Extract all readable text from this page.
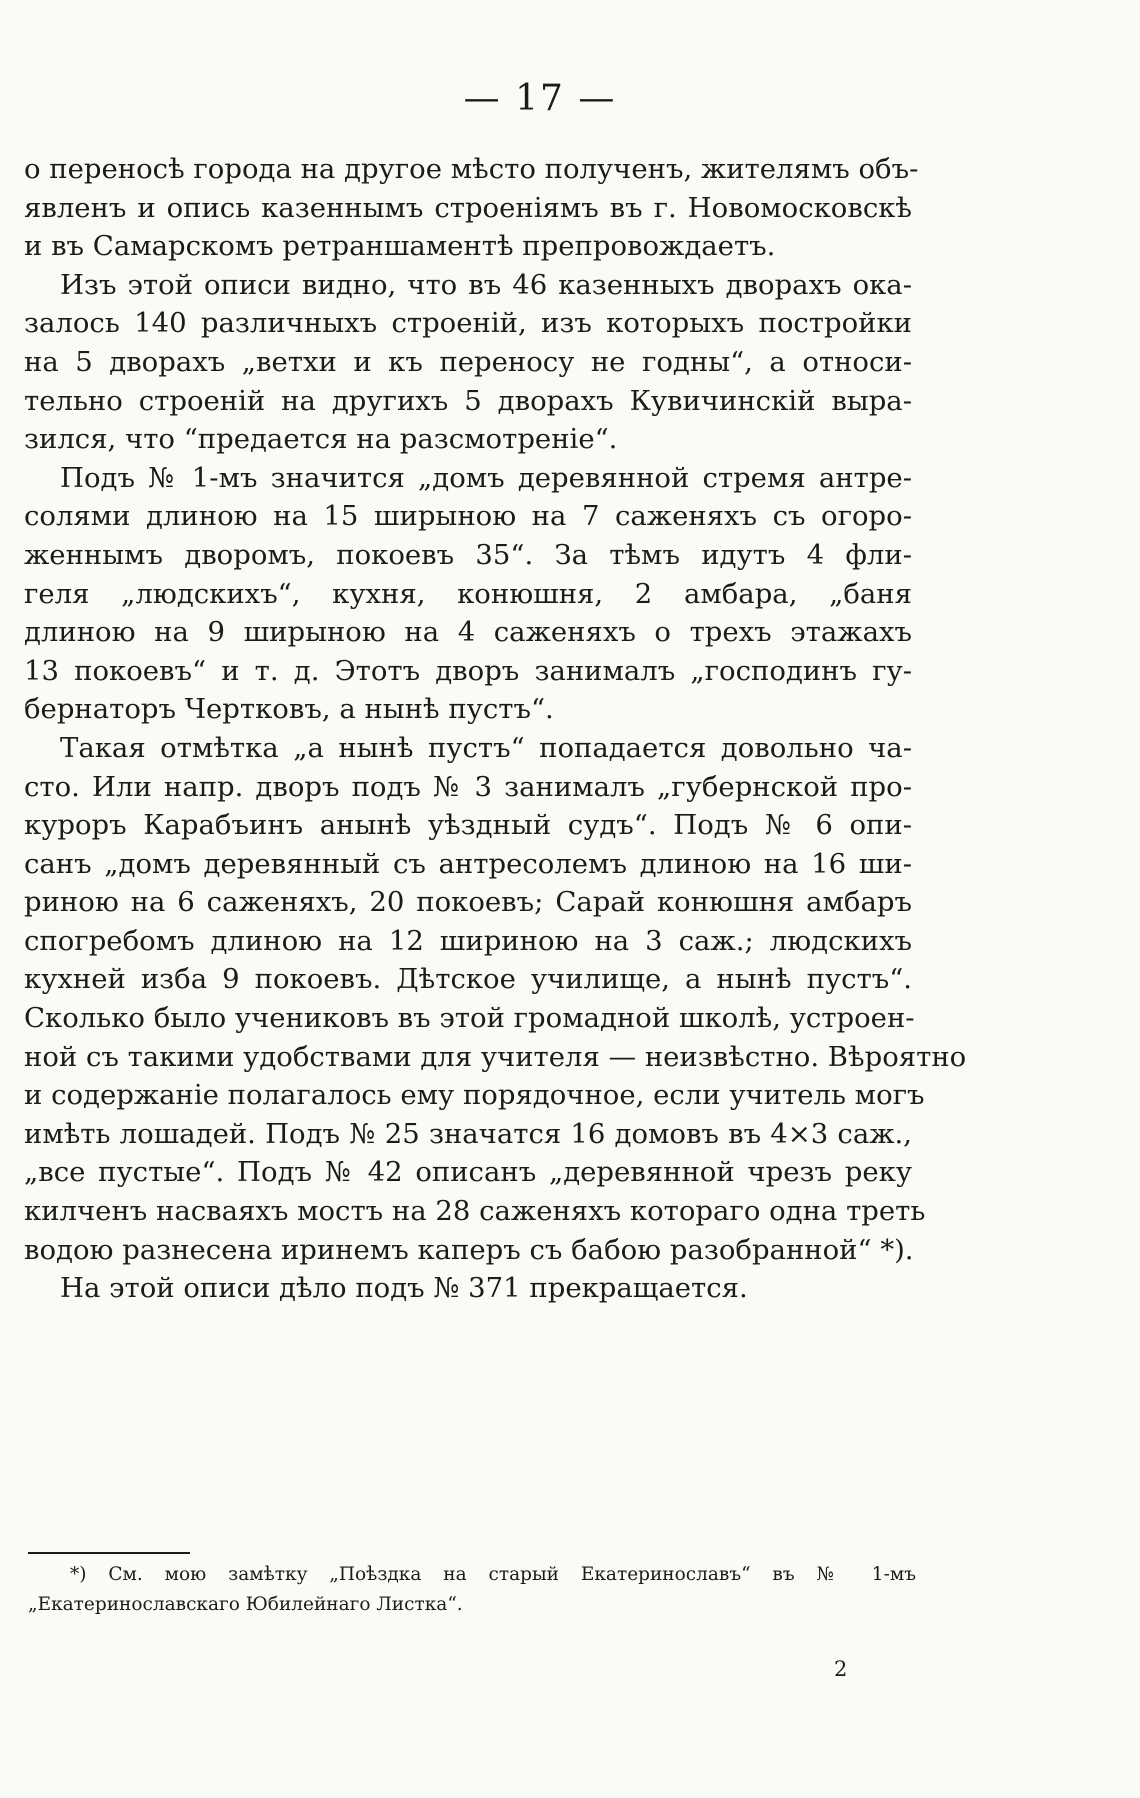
— 17 —

о переносѣ города на другое мѣсто полученъ, жителямъ объ-
явленъ и опись казеннымъ строеніямъ въ г. Новомосковскѣ
и въ Самарскомъ ретраншаментѣ препровождаетъ.

Изъ этой описи видно, что въ 46 казенныхъ дворахъ ока-
залось 140 различныхъ строеній, изъ которыхъ постройки
на 5 дворахъ „ветхи и къ переносу не годны“, а относи-
тельно строеній на другихъ 5 дворахъ Кувичинскій выра-
зился, что “предается на разсмотреніе“.

Подъ № 1-мъ значится „домъ деревянной стремя антре-
солями длиною на 15 ширыною на 7 саженяхъ съ огоро-
женнымъ дворомъ, покоевъ 35“. За тѣмъ идутъ 4 фли-
геля „людскихъ“, кухня, конюшня, 2 амбара, „баня
длиною на 9 ширыною на 4 саженяхъ о трехъ этажахъ
13 покоевъ“ и т. д. Этотъ дворъ занималъ „господинъ гу-
бернаторъ Чертковъ, а нынѣ пустъ“.

Такая отмѣтка „а нынѣ пустъ“ попадается довольно ча-
сто. Или напр. дворъ подъ № 3 занималъ „губернской про-
куроръ Карабъинъ анынѣ уѣздный судъ“. Подъ № 6 опи-
санъ „домъ деревянный съ антресолемъ длиною на 16 ши-
риною на 6 саженяхъ, 20 покоевъ; Сарай конюшня амбаръ
спогребомъ длиною на 12 шириною на 3 саж.; людскихъ
кухней изба 9 покоевъ. Дѣтское училище, а нынѣ пустъ“.
Сколько было учениковъ въ этой громадной школѣ, устроен-
ной съ такими удобствами для учителя — неизвѣстно. Вѣроятно
и содержаніе полагалось ему порядочное, если учитель могъ
имѣть лошадей. Подъ № 25 значатся 16 домовъ въ 4×3 саж.,
„все пустые“. Подъ № 42 описанъ „деревянной чрезъ реку
килченъ насваяхъ мостъ на 28 саженяхъ котораго одна треть
водою разнесена иринемъ каперъ съ бабою разобранной“ *).

На этой описи дѣло подъ № 371 прекращается.

*) См. мою замѣтку „Поѣздка на старый Екатеринославъ“ въ № 1-мъ
„Екатеринославскаго Юбилейнаго Листка“.
2
